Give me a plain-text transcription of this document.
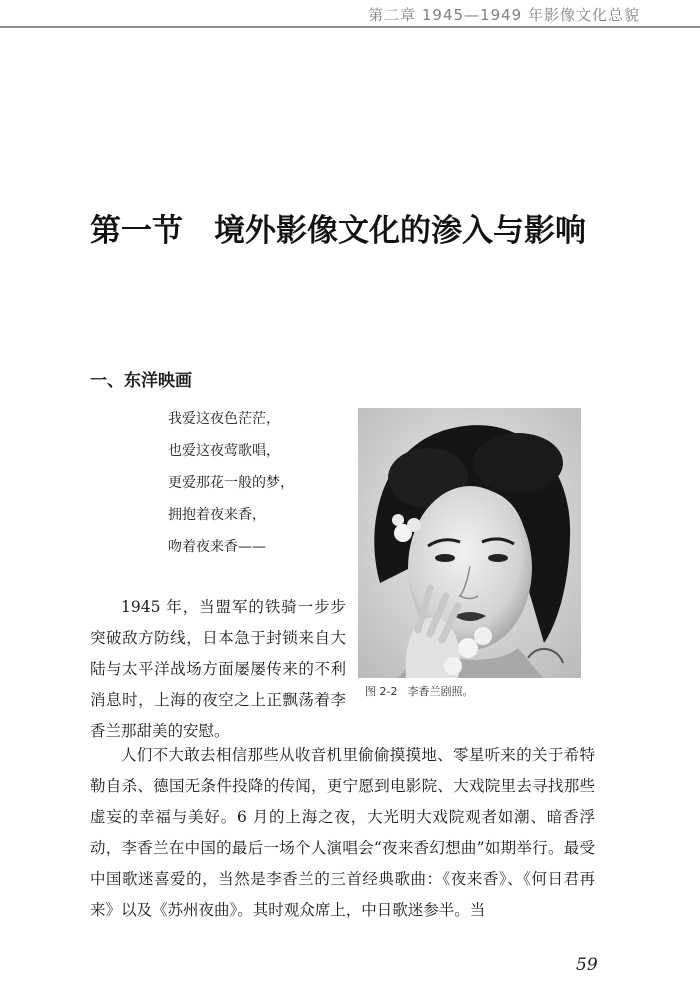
第二章 1945—1949 年影像文化总貌
第一节　境外影像文化的渗入与影响
一、东洋映画
我爱这夜色茫茫，
也爱这夜莺歌唱，
更爱那花一般的梦，
拥抱着夜来香，
吻着夜来香——
图 2-2 李香兰剧照。

1945 年，当盟军的铁骑一步步突破敌方防线，日本急于封锁来自大陆与太平洋战场方面屡屡传来的不利消息时，上海的夜空之上正飘荡着李香兰那甜美的安慰。

人们不大敢去相信那些从收音机里偷偷摸摸地、零星听来的关于希特勒自杀、德国无条件投降的传闻，更宁愿到电影院、大戏院里去寻找那些虚妄的幸福与美好。6 月的上海之夜，大光明大戏院观者如潮、暗香浮动，李香兰在中国的最后一场个人演唱会“夜来香幻想曲”如期举行。最受中国歌迷喜爱的，当然是李香兰的三首经典歌曲：《夜来香》、《何日君再来》以及《苏州夜曲》。其时观众席上，中日歌迷参半。当

59
